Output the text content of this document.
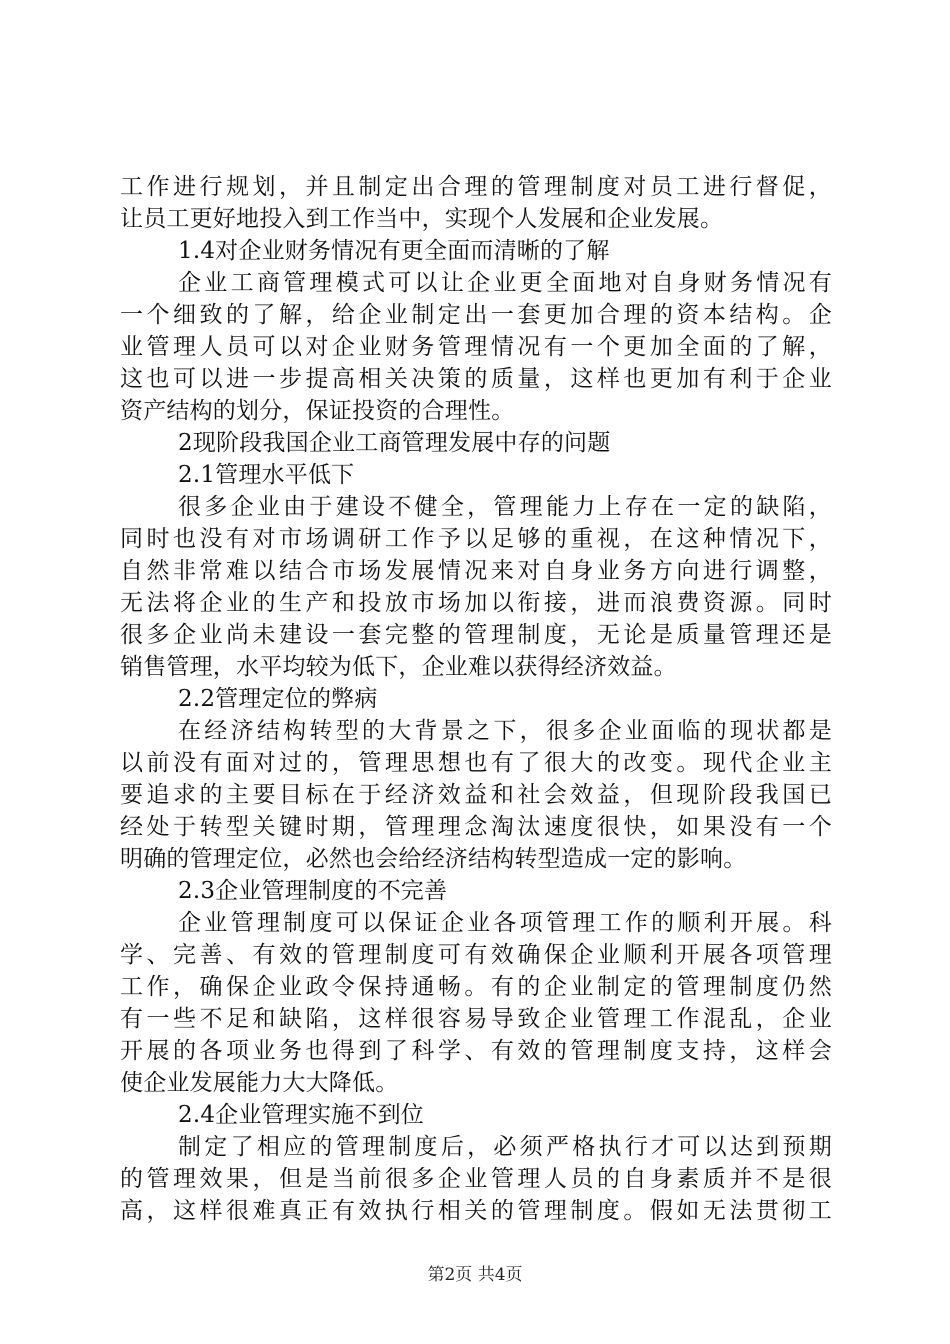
工作进行规划，并且制定出合理的管理制度对员工进行督促，
让员工更好地投入到工作当中，实现个人发展和企业发展。
1.4对企业财务情况有更全面而清晰的了解
企业工商管理模式可以让企业更全面地对自身财务情况有
一个细致的了解，给企业制定出一套更加合理的资本结构。企
业管理人员可以对企业财务管理情况有一个更加全面的了解，
这也可以进一步提高相关决策的质量，这样也更加有利于企业
资产结构的划分，保证投资的合理性。
2现阶段我国企业工商管理发展中存的问题
2.1管理水平低下
很多企业由于建设不健全，管理能力上存在一定的缺陷，
同时也没有对市场调研工作予以足够的重视，在这种情况下，
自然非常难以结合市场发展情况来对自身业务方向进行调整，
无法将企业的生产和投放市场加以衔接，进而浪费资源。同时
很多企业尚未建设一套完整的管理制度，无论是质量管理还是
销售管理，水平均较为低下，企业难以获得经济效益。
2.2管理定位的弊病
在经济结构转型的大背景之下，很多企业面临的现状都是
以前没有面对过的，管理思想也有了很大的改变。现代企业主
要追求的主要目标在于经济效益和社会效益，但现阶段我国已
经处于转型关键时期，管理理念淘汰速度很快，如果没有一个
明确的管理定位，必然也会给经济结构转型造成一定的影响。
2.3企业管理制度的不完善
企业管理制度可以保证企业各项管理工作的顺利开展。科
学、完善、有效的管理制度可有效确保企业顺利开展各项管理
工作，确保企业政令保持通畅。有的企业制定的管理制度仍然
有一些不足和缺陷，这样很容易导致企业管理工作混乱，企业
开展的各项业务也得到了科学、有效的管理制度支持，这样会
使企业发展能力大大降低。
2.4企业管理实施不到位
制定了相应的管理制度后，必须严格执行才可以达到预期
的管理效果，但是当前很多企业管理人员的自身素质并不是很
高，这样很难真正有效执行相关的管理制度。假如无法贯彻工
第2页 共4页
